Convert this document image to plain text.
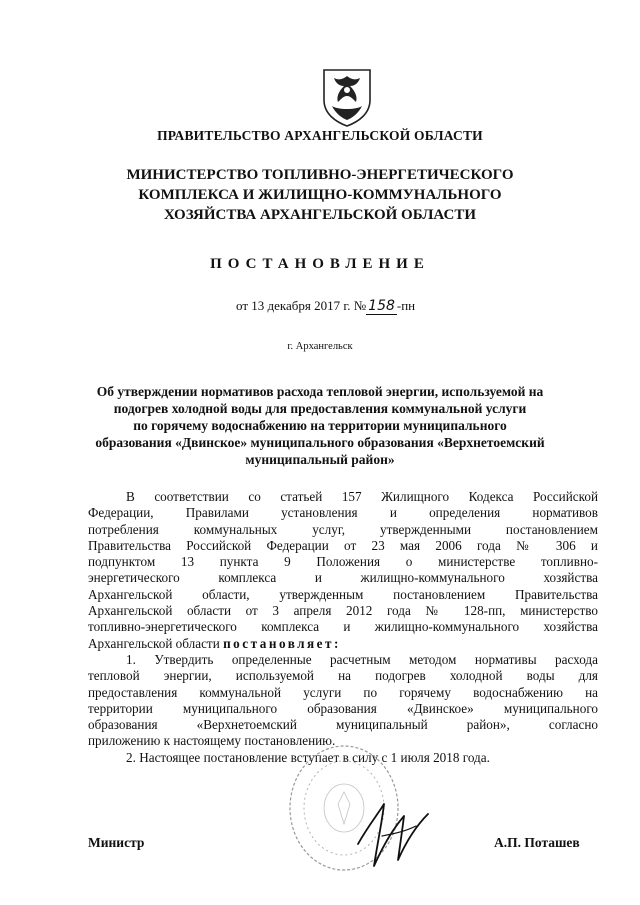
ПРАВИТЕЛЬСТВО АРХАНГЕЛЬСКОЙ ОБЛАСТИ
МИНИСТЕРСТВО ТОПЛИВНО-ЭНЕРГЕТИЧЕСКОГО
КОМПЛЕКСА И ЖИЛИЩНО-КОММУНАЛЬНОГО
ХОЗЯЙСТВА АРХАНГЕЛЬСКОЙ ОБЛАСТИ
ПОСТАНОВЛЕНИЕ
от 13 декабря 2017 г. № 158 -пн
г. Архангельск
Об утверждении нормативов расхода тепловой энергии, используемой на
подогрев холодной воды для предоставления коммунальной услуги
по горячему водоснабжению на территории муниципального
образования «Двинское» муниципального образования «Верхнетоемский
муниципальный район»
В соответствии со статьей 157 Жилищного Кодекса Российской
Федерации, Правилами установления и определения нормативов
потребления коммунальных услуг, утвержденными постановлением
Правительства Российской Федерации от 23 мая 2006 года № 306 и
подпунктом 13 пункта 9 Положения о министерстве топливно-
энергетического комплекса и жилищно-коммунального хозяйства
Архангельской области, утвержденным постановлением Правительства
Архангельской области от 3 апреля 2012 года № 128-пп, министерство
топливно-энергетического комплекса и жилищно-коммунального хозяйства
Архангельской области постановляет:
1. Утвердить определенные расчетным методом нормативы расхода
тепловой энергии, используемой на подогрев холодной воды для
предоставления коммунальной услуги по горячему водоснабжению на
территории муниципального образования «Двинское» муниципального
образования «Верхнетоемский муниципальный район», согласно
приложению к настоящему постановлению.
2. Настоящее постановление вступает в силу с 1 июля 2018 года.
Министр	А.П. Поташев
